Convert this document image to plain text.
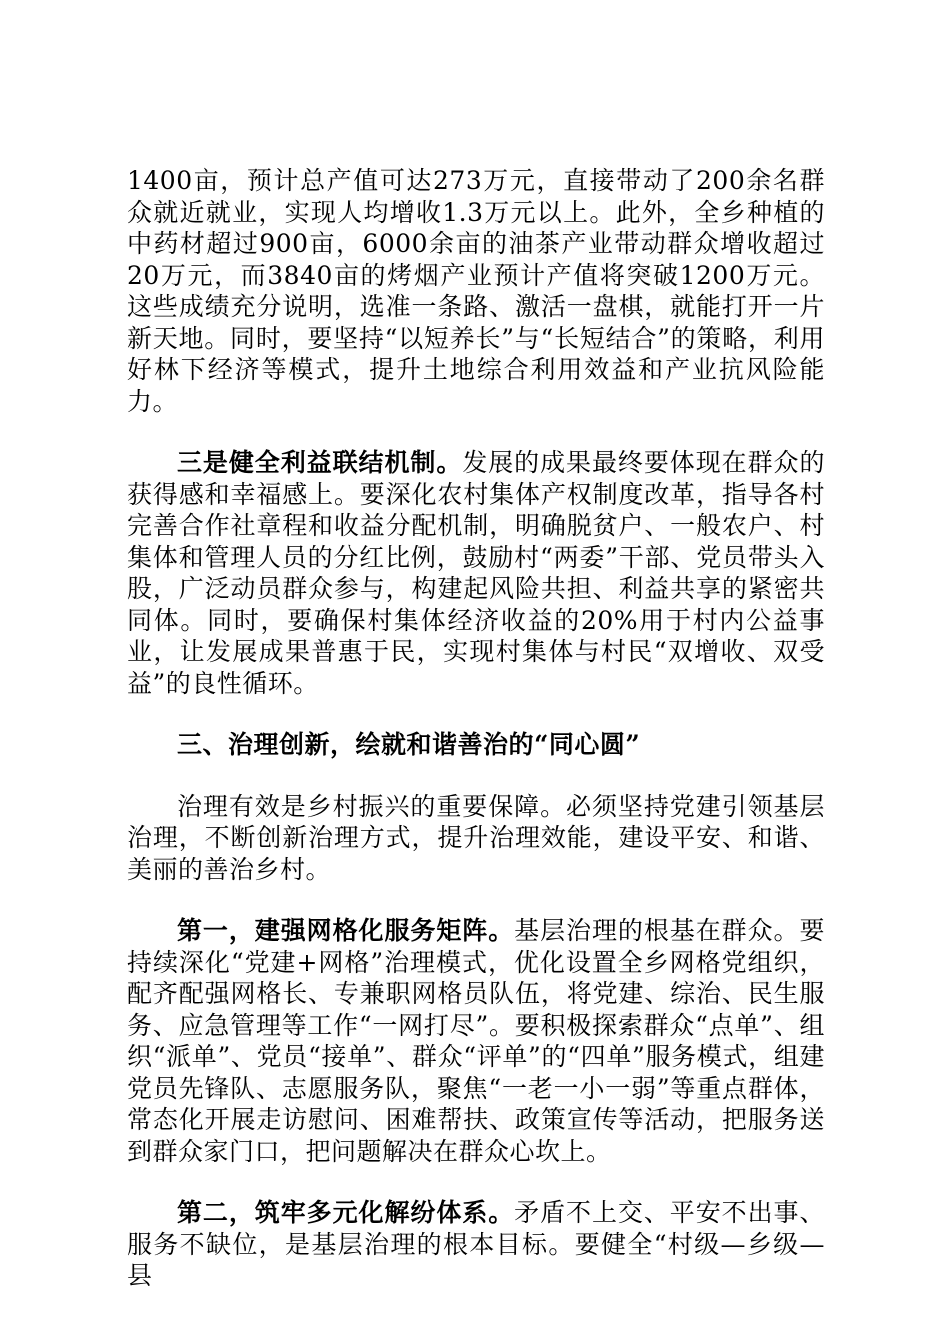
1400亩，预计总产值可达273万元，直接带动了200余名群众就近就业，实现人均增收1.3万元以上。此外，全乡种植的中药材超过900亩，6000余亩的油茶产业带动群众增收超过20万元，而3840亩的烤烟产业预计产值将突破1200万元。这些成绩充分说明，选准一条路、激活一盘棋，就能打开一片新天地。同时，要坚持“以短养长”与“长短结合”的策略，利用好林下经济等模式，提升土地综合利用效益和产业抗风险能力。

三是健全利益联结机制。发展的成果最终要体现在群众的获得感和幸福感上。要深化农村集体产权制度改革，指导各村完善合作社章程和收益分配机制，明确脱贫户、一般农户、村集体和管理人员的分红比例，鼓励村“两委”干部、党员带头入股，广泛动员群众参与，构建起风险共担、利益共享的紧密共同体。同时，要确保村集体经济收益的20%用于村内公益事业，让发展成果普惠于民，实现村集体与村民“双增收、双受益”的良性循环。

三、治理创新，绘就和谐善治的“同心圆”

治理有效是乡村振兴的重要保障。必须坚持党建引领基层治理，不断创新治理方式，提升治理效能，建设平安、和谐、美丽的善治乡村。

第一，建强网格化服务矩阵。基层治理的根基在群众。要持续深化“党建+网格”治理模式，优化设置全乡网格党组织，配齐配强网格长、专兼职网格员队伍，将党建、综治、民生服务、应急管理等工作“一网打尽”。要积极探索群众“点单”、组织“派单”、党员“接单”、群众“评单”的“四单”服务模式，组建党员先锋队、志愿服务队，聚焦“一老一小一弱”等重点群体，常态化开展走访慰问、困难帮扶、政策宣传等活动，把服务送到群众家门口，把问题解决在群众心坎上。

第二，筑牢多元化解纷体系。矛盾不上交、平安不出事、服务不缺位，是基层治理的根本目标。要健全“村级—乡级—县
